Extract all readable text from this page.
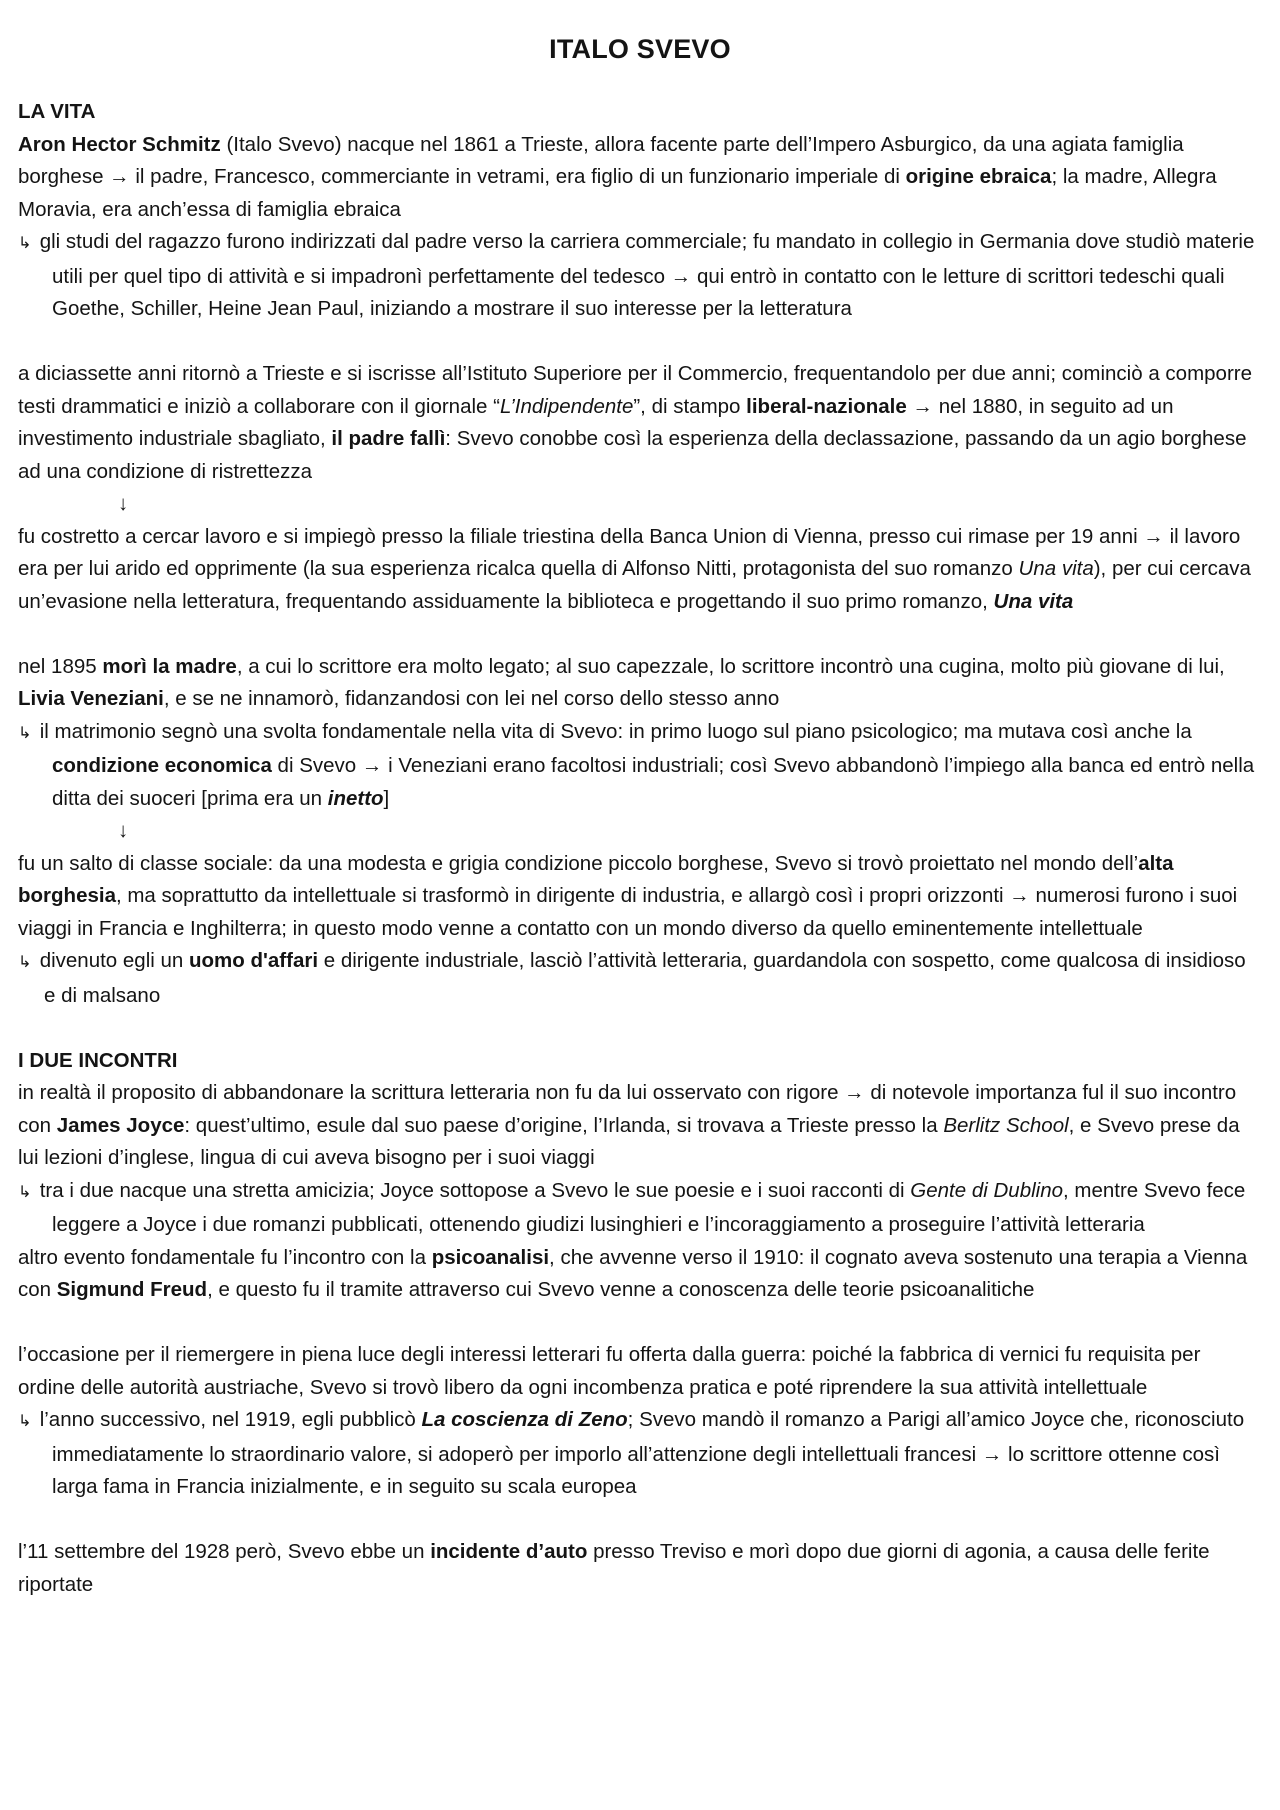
ITALO SVEVO
LA VITA

Aron Hector Schmitz (Italo Svevo) nacque nel 1861 a Trieste, allora facente parte dell’Impero Asburgico, da una agiata famiglia borghese → il padre, Francesco, commerciante in vetrami, era figlio di un funzionario imperiale di origine ebraica; la madre, Allegra Moravia, era anch’essa di famiglia ebraica

↳ gli studi del ragazzo furono indirizzati dal padre verso la carriera commerciale; fu mandato in collegio in Germania dove studiò materie utili per quel tipo di attività e si impadronì perfettamente del tedesco → qui entrò in contatto con le letture di scrittori tedeschi quali Goethe, Schiller, Heine Jean Paul, iniziando a mostrare il suo interesse per la letteratura

a diciassette anni ritornò a Trieste e si iscrisse all’Istituto Superiore per il Commercio, frequentandolo per due anni; cominciò a comporre testi drammatici e iniziò a collaborare con il giornale “L’Indipendente”, di stampo liberal-nazionale → nel 1880, in seguito ad un investimento industriale sbagliato, il padre fallì: Svevo conobbe così la esperienza della declassazione, passando da un agio borghese ad una condizione di ristrettezza

↓

fu costretto a cercar lavoro e si impiegò presso la filiale triestina della Banca Union di Vienna, presso cui rimase per 19 anni → il lavoro era per lui arido ed opprimente (la sua esperienza ricalca quella di Alfonso Nitti, protagonista del suo romanzo Una vita), per cui cercava un’evasione nella letteratura, frequentando assiduamente la biblioteca e progettando il suo primo romanzo, Una vita

nel 1895 morì la madre, a cui lo scrittore era molto legato; al suo capezzale, lo scrittore incontrò una cugina, molto più giovane di lui, Livia Veneziani, e se ne innamorò, fidanzandosi con lei nel corso dello stesso anno

↳ il matrimonio segnò una svolta fondamentale nella vita di Svevo: in primo luogo sul piano psicologico; ma mutava così anche la condizione economica di Svevo → i Veneziani erano facoltosi industriali; così Svevo abbandonò l’impiego alla banca ed entrò nella ditta dei suoceri [prima era un inetto]

↓

fu un salto di classe sociale: da una modesta e grigia condizione piccolo borghese, Svevo si trovò proiettato nel mondo dell’alta borghesia, ma soprattutto da intellettuale si trasformò in dirigente di industria, e allargò così i propri orizzonti → numerosi furono i suoi viaggi in Francia e Inghilterra; in questo modo venne a contatto con un mondo diverso da quello eminentemente intellettuale

↳ divenuto egli un uomo d'affari e dirigente industriale, lasciò l’attività letteraria, guardandola con sospetto, come qualcosa di insidioso e di malsano

I DUE INCONTRI

in realtà il proposito di abbandonare la scrittura letteraria non fu da lui osservato con rigore → di notevole importanza ful il suo incontro con James Joyce: quest’ultimo, esule dal suo paese d’origine, l’Irlanda, si trovava a Trieste presso la Berlitz School, e Svevo prese da lui lezioni d’inglese, lingua di cui aveva bisogno per i suoi viaggi

↳ tra i due nacque una stretta amicizia; Joyce sottopose a Svevo le sue poesie e i suoi racconti di Gente di Dublino, mentre Svevo fece leggere a Joyce i due romanzi pubblicati, ottenendo giudizi lusinghieri e l’incoraggiamento a proseguire l’attività letteraria

altro evento fondamentale fu l’incontro con la psicoanalisi, che avvenne verso il 1910: il cognato aveva sostenuto una terapia a Vienna con Sigmund Freud, e questo fu il tramite attraverso cui Svevo venne a conoscenza delle teorie psicoanalitiche

l’occasione per il riemergere in piena luce degli interessi letterari fu offerta dalla guerra: poiché la fabbrica di vernici fu requisita per ordine delle autorità austriache, Svevo si trovò libero da ogni incombenza pratica e poté riprendere la sua attività intellettuale

↳ l’anno successivo, nel 1919, egli pubblicò La coscienza di Zeno; Svevo mandò il romanzo a Parigi all’amico Joyce che, riconosciuto immediatamente lo straordinario valore, si adoperò per imporlo all’attenzione degli intellettuali francesi → lo scrittore ottenne così larga fama in Francia inizialmente, e in seguito su scala europea

l’11 settembre del 1928 però, Svevo ebbe un incidente d’auto presso Treviso e morì dopo due giorni di agonia, a causa delle ferite riportate
